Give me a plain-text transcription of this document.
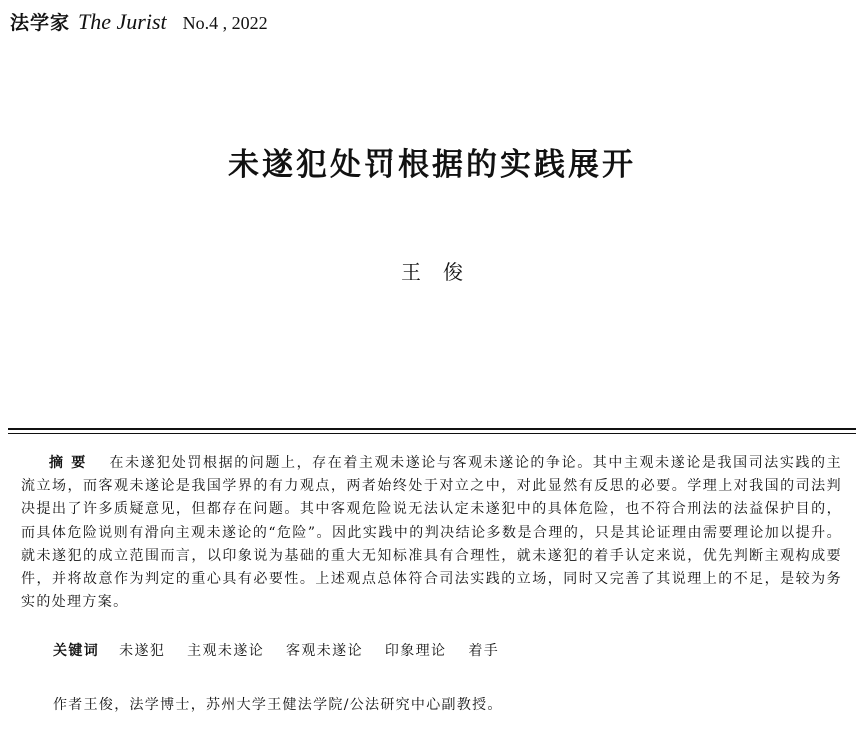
法学家 The Jurist No.4 , 2022
未遂犯处罚根据的实践展开
王俊
摘要 在未遂犯处罚根据的问题上，存在着主观未遂论与客观未遂论的争论。其中主观未遂论是我国司法实践的主流立场，而客观未遂论是我国学界的有力观点，两者始终处于对立之中，对此显然有反思的必要。学理上对我国的司法判决提出了许多质疑意见，但都存在问题。其中客观危险说无法认定未遂犯中的具体危险，也不符合刑法的法益保护目的，而具体危险说则有滑向主观未遂论的“危险”。因此实践中的判决结论多数是合理的，只是其论证理由需要理论加以提升。就未遂犯的成立范围而言，以印象说为基础的重大无知标准具有合理性，就未遂犯的着手认定来说，优先判断主观构成要件，并将故意作为判定的重心具有必要性。上述观点总体符合司法实践的立场，同时又完善了其说理上的不足，是较为务实的处理方案。
关键词 未遂犯 主观未遂论 客观未遂论 印象理论 着手
作者王俊，法学博士，苏州大学王健法学院/公法研究中心副教授。
